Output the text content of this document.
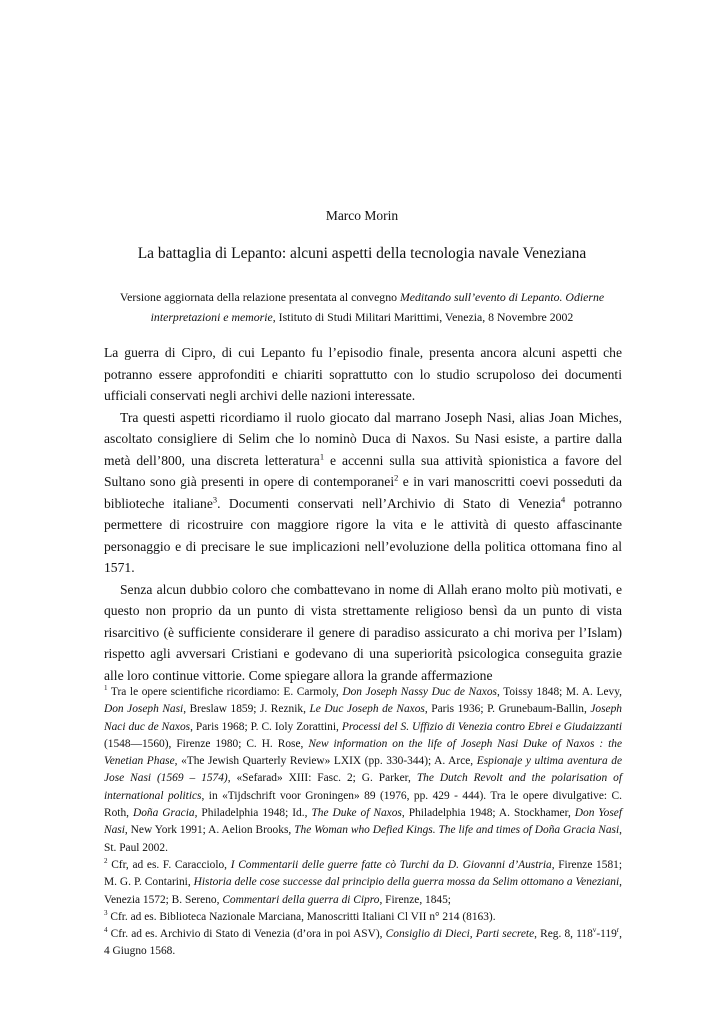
Marco Morin
La battaglia di Lepanto: alcuni aspetti della tecnologia navale Veneziana
Versione aggiornata della relazione presentata al convegno Meditando sull’evento di Lepanto. Odierne interpretazioni e memorie, Istituto di Studi Militari Marittimi, Venezia, 8 Novembre 2002

La guerra di Cipro, di cui Lepanto fu l’episodio finale, presenta ancora alcuni aspetti che potranno essere approfonditi e chiariti soprattutto con lo studio scrupoloso dei documenti ufficiali conservati negli archivi delle nazioni interessate.

Tra questi aspetti ricordiamo il ruolo giocato dal marrano Joseph Nasi, alias Joan Miches, ascoltato consigliere di Selim che lo nominò Duca di Naxos. Su Nasi esiste, a partire dalla metà dell’800, una discreta letteratura$^1$ e accenni sulla sua attività spionistica a favore del Sultano sono già presenti in opere di contemporanei$^2$ e in vari manoscritti coevi posseduti da biblioteche italiane$^3$. Documenti conservati nell’Archivio di Stato di Venezia$^4$ potranno permettere di ricostruire con maggiore rigore la vita e le attività di questo affascinante personaggio e di precisare le sue implicazioni nell’evoluzione della politica ottomana fino al 1571.

Senza alcun dubbio coloro che combattevano in nome di Allah erano molto più motivati, e questo non proprio da un punto di vista strettamente religioso bensì da un punto di vista risarcitivo (è sufficiente considerare il genere di paradiso assicurato a chi moriva per l’Islam) rispetto agli avversari Cristiani e godevano di una superiorità psicologica conseguita grazie alle loro continue vittorie. Come spiegare allora la grande affermazione

$^1$ Tra le opere scientifiche ricordiamo: E. Carmoly, Don Joseph Nassy Duc de Naxos, Toissy 1848; M. A. Levy, Don Joseph Nasi, Breslaw 1859; J. Reznik, Le Duc Joseph de Naxos, Paris 1936; P. Grunebaum-Ballin, Joseph Naci duc de Naxos, Paris 1968; P. C. Ioly Zorattini, Processi del S. Uffizio di Venezia contro Ebrei e Giudaizzanti (1548—1560), Firenze 1980; C. H. Rose, New information on the life of Joseph Nasi Duke of Naxos : the Venetian Phase, «The Jewish Quarterly Review» LXIX (pp. 330-344); A. Arce, Espionaje y ultima aventura de Jose Nasi (1569 – 1574), «Sefarad» XIII: Fasc. 2; G. Parker, The Dutch Revolt and the polarisation of international politics, in «Tijdschrift voor Groningen» 89 (1976, pp. 429 - 444). Tra le opere divulgative: C. Roth, Doña Gracia, Philadelphia 1948; Id., The Duke of Naxos, Philadelphia 1948; A. Stockhamer, Don Yosef Nasi, New York 1991; A. Aelion Brooks, The Woman who Defied Kings. The life and times of Doña Gracia Nasi, St. Paul 2002.

$^2$ Cfr, ad es. F. Caracciolo, I Commentarii delle guerre fatte cò Turchi da D. Giovanni d’Austria, Firenze 1581; M. G. P. Contarini, Historia delle cose successe dal principio della guerra mossa da Selim ottomano a Veneziani, Venezia 1572; B. Sereno, Commentari della guerra di Cipro, Firenze, 1845;

$^3$ Cfr. ad es. Biblioteca Nazionale Marciana, Manoscritti Italiani Cl VII n° 214 (8163).

$^4$ Cfr. ad es. Archivio di Stato di Venezia (d’ora in poi ASV), Consiglio di Dieci, Parti secrete, Reg. 8, 118$^v$-119$^r$, 4 Giugno 1568.
